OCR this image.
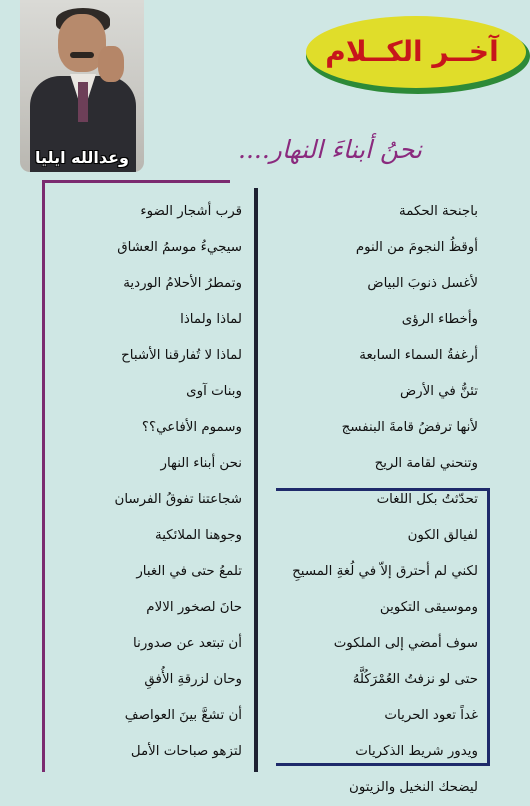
آخــر الكــلام
وعدالله ايليا	نحنُ أبناءَ النهار....
باجنحة الحكمة
أوقظُ النجومَ من النوم
لأغسل ذنوبَ البياض
وأخطاء الرؤى
أرغفةُ السماء السابعة
تئنُّ في الأرض
لأنها ترفضُ قامةَ البنفسج
وتنحني لقامة الريح
تحدّثتُ بكل اللغات
لفيالق الكون
لكني لم أحترق إلاّ في لُغةِ المسيحِ
وموسيقى التكوين
سوف أمضي إلى الملكوت
حتى لو نزفتُ العُمْرَكُلَّهُ
غداً تعود الحريات
ويدور شريط الذكريات
ليضحك النخيل والزيتون
قرب أشجار الضوء
سيجيءُ موسمُ العشاق
وتمطرُ الأحلامُ الوردية
لماذا ولماذا
لماذا لا تُفارقنا الأشباح
وبنات آوى
وسموم الأفاعي؟؟
نحن أبناء النهار
شجاعتنا تفوقُ الفرسان
وجوهنا الملائكية
تلمعُ حتى في الغبار
حانَ لصخور الالام
أن تبتعد عن صدورنا
وحان لزرقةِ الأُفقِ
أن تشعَّ بينَ العواصفِ
لتزهو صباحات الأمل
